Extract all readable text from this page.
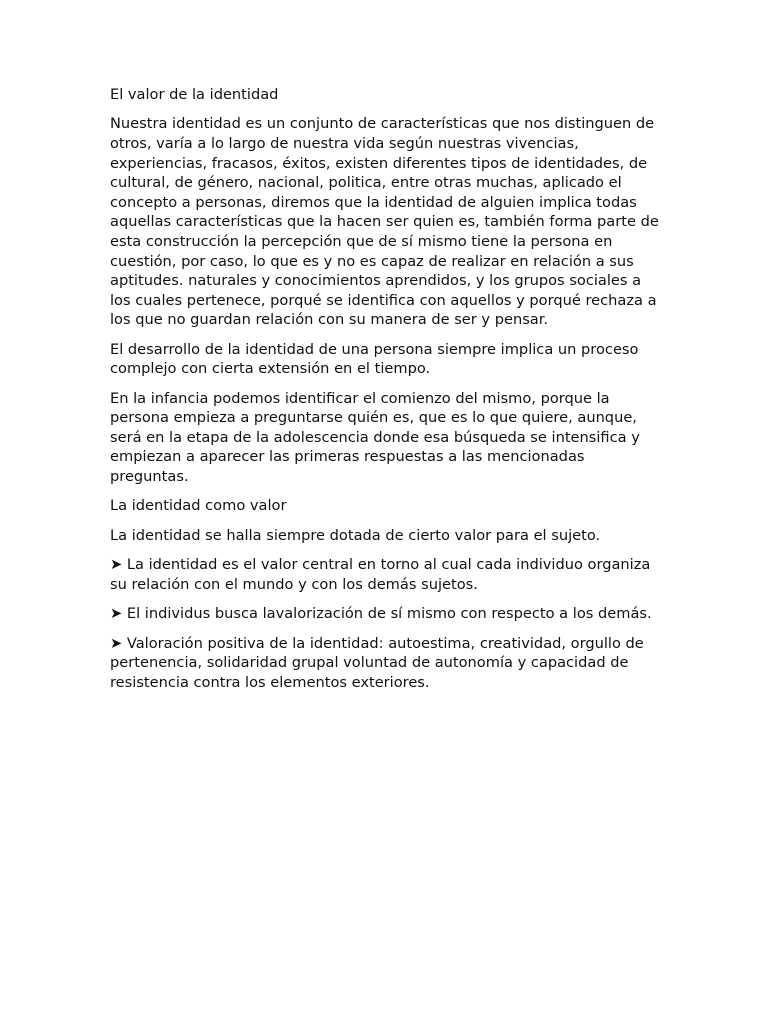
El valor de la identidad

Nuestra identidad es un conjunto de características que nos distinguen de otros, varía a lo largo de nuestra vida según nuestras vivencias, experiencias, fracasos, éxitos, existen diferentes tipos de identidades, de cultural, de género, nacional, politica, entre otras muchas, aplicado el concepto a personas, diremos que la identidad de alguien implica todas aquellas características que la hacen ser quien es, también forma parte de esta construcción la percepción que de sí mismo tiene la persona en cuestión, por caso, lo que es y no es capaz de realizar en relación a sus aptitudes. naturales y conocimientos aprendidos, y los grupos sociales a los cuales pertenece, porqué se identifica con aquellos y porqué rechaza a los que no guardan relación con su manera de ser y pensar.

El desarrollo de la identidad de una persona siempre implica un proceso complejo con cierta extensión en el tiempo.

En la infancia podemos identificar el comienzo del mismo, porque la persona empieza a preguntarse quién es, que es lo que quiere, aunque, será en la etapa de la adolescencia donde esa búsqueda se intensifica y empiezan a aparecer las primeras respuestas a las mencionadas preguntas.

La identidad como valor

La identidad se halla siempre dotada de cierto valor para el sujeto.

➤ La identidad es el valor central en torno al cual cada individuo organiza su relación con el mundo y con los demás sujetos.

➤ El individus busca lavalorización de sí mismo con respecto a los demás.

➤ Valoración positiva de la identidad: autoestima, creatividad, orgullo de pertenencia, solidaridad grupal voluntad de autonomía y capacidad de resistencia contra los elementos exteriores.
